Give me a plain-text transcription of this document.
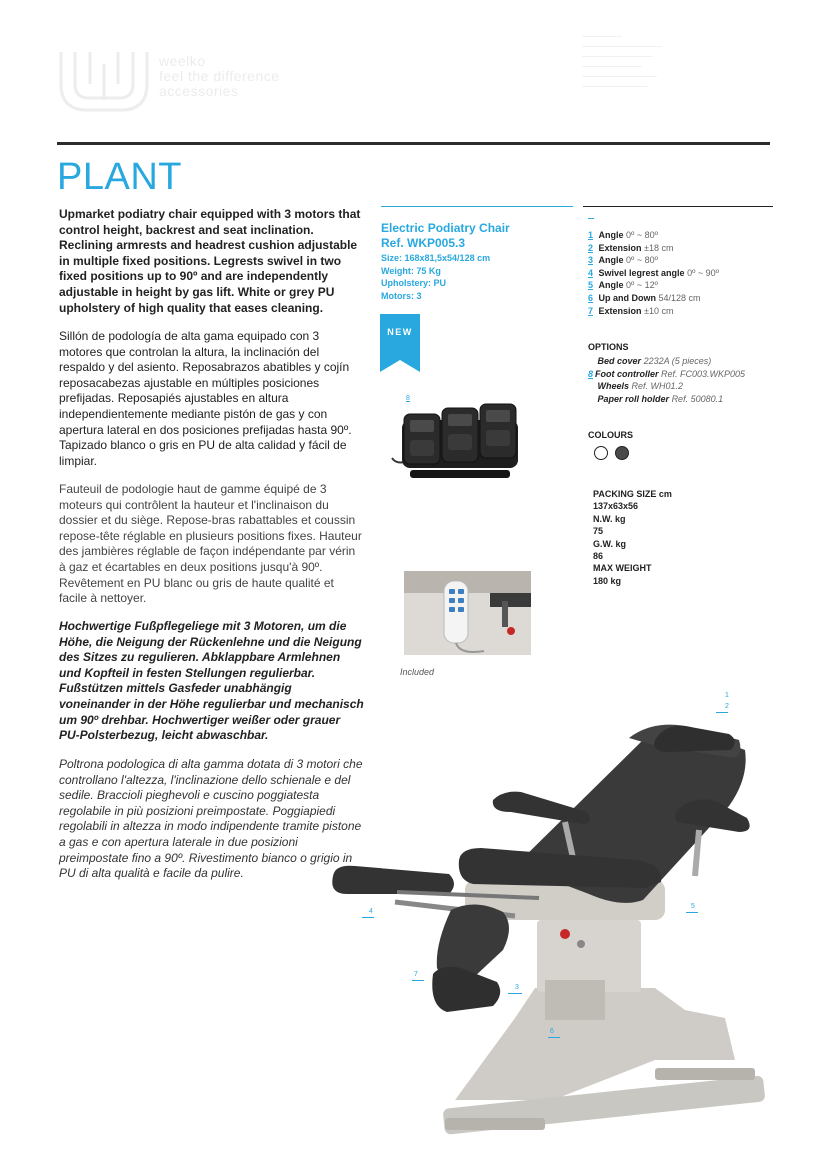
weelko
feel the difference
accessories
PLANT
Upmarket podiatry chair equipped with 3 motors that control height, backrest and seat inclination. Reclining armrests and headrest cushion adjustable in multiple fixed positions. Legrests swivel in two fixed positions up to 90º and are independently adjustable in height by gas lift. White or grey PU upholstery of high quality that eases cleaning.
Sillón de podología de alta gama equipado con 3 motores que controlan la altura, la inclinación del respaldo y del asiento. Reposabrazos abatibles y cojín reposacabezas ajustable en múltiples posiciones prefijadas. Reposapiés ajustables en altura independientemente mediante pistón de gas y con apertura lateral en dos posiciones prefijadas hasta 90º. Tapizado blanco o gris en PU de alta calidad y fácil de limpiar.
Fauteuil de podologie haut de gamme équipé de 3 moteurs qui contrôlent la hauteur et l'inclinaison du dossier et du siège. Repose-bras rabattables et coussin repose-tête réglable en plusieurs positions fixes. Hauteur des jambières réglable de façon indépendante par vérin à gaz et écartables en deux positions jusqu'à 90º. Revêtement en PU blanc ou gris de haute qualité et facile à nettoyer.
Hochwertige Fußpflegeliege mit 3 Motoren, um die Höhe, die Neigung der Rückenlehne und die Neigung des Sitzes zu regulieren. Abklappbare Armlehnen und Kopfteil in festen Stellungen regulierbar. Fußstützen mittels Gasfeder unabhängig voneinander in der Höhe regulierbar und mechanisch um 90º drehbar. Hochwertiger weißer oder grauer PU-Polsterbezug, leicht abwaschbar.
Poltrona podologica di alta gamma dotata di 3 motori che controllano l'altezza, l'inclinazione dello schienale e del sedile. Braccioli pieghevoli e cuscino poggiatesta regolabile in più posizioni preimpostate. Poggiapiedi regolabili in altezza in modo indipendente tramite pistone a gas e con apertura laterale in due posizioni preimpostate fino a 90º. Rivestimento bianco o grigio in PU di alta qualità e facile da pulire.
Electric Podiatry Chair
Ref. WKP005.3
Size: 168x81,5x54/128 cm
Weight: 75 Kg
Upholstery: PU
Motors: 3
NEW
8
Included
1 Angle 0º ~ 80º
2 Extension ±18 cm
3 Angle 0º ~ 80º
4 Swivel legrest angle 0º ~ 90º
5 Angle 0º ~ 12º
6 Up and Down 54/128 cm
7 Extension ±10 cm
OPTIONS
Bed cover 2232A (5 pieces)
8 Foot controller Ref. FC003.WKP005
Wheels Ref. WH01.2
Paper roll holder Ref. 50080.1
COLOURS
PACKING SIZE cm
137x63x56
N.W. kg
75
G.W. kg
86
MAX WEIGHT
180 kg
1
2
3
4
5
6
7
